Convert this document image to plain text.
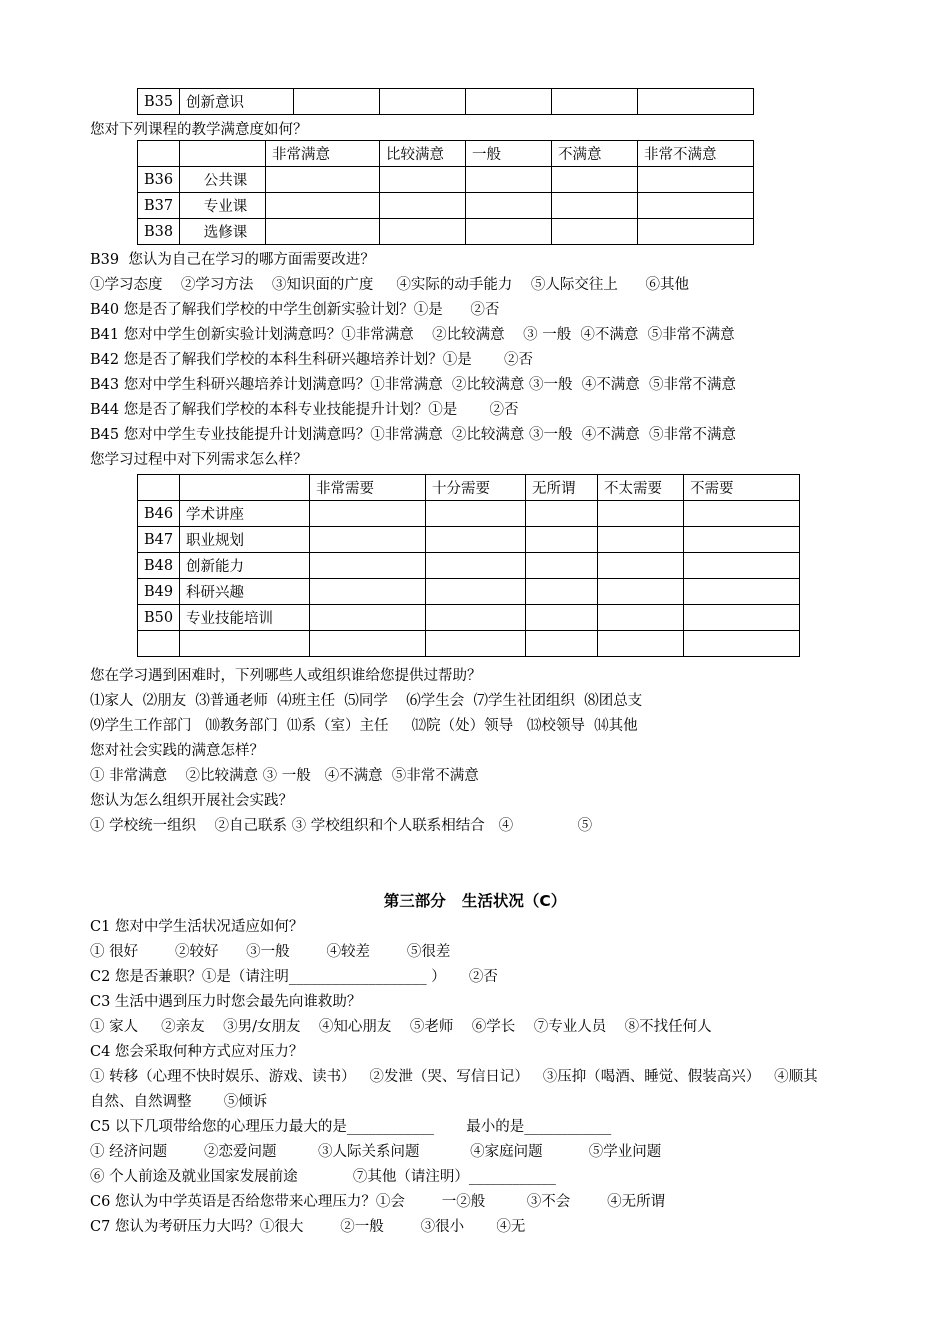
B35	创新意识					
您对下列课程的教学满意度如何？
		非常满意	比较满意	一般	不满意	非常不满意
B36	公共课					
B37	专业课					
B38	选修课					
B39  您认为自己在学习的哪方面需要改进？
①学习态度    ②学习方法    ③知识面的广度     ④实际的动手能力    ⑤人际交往上      ⑥其他
B40 您是否了解我们学校的中学生创新实验计划？①是      ②否
B41 您对中学生创新实验计划满意吗？①非常满意    ②比较满意    ③ 一般  ④不满意  ⑤非常不满意
B42 您是否了解我们学校的本科生科研兴趣培养计划？①是       ②否
B43 您对中学生科研兴趣培养计划满意吗？①非常满意  ②比较满意 ③一般  ④不满意  ⑤非常不满意
B44 您是否了解我们学校的本科专业技能提升计划？①是       ②否
B45 您对中学生专业技能提升计划满意吗？①非常满意  ②比较满意 ③一般  ④不满意  ⑤非常不满意
您学习过程中对下列需求怎么样？
		非常需要	十分需要	无所谓	不太需要	不需要
B46	学术讲座					
B47	职业规划					
B48	创新能力					
B49	科研兴趣					
B50	专业技能培训					

您在学习遇到困难时，下列哪些人或组织谁给您提供过帮助？
⑴家人  ⑵朋友  ⑶普通老师  ⑷班主任  ⑸同学    ⑹学生会  ⑺学生社团组织  ⑻团总支
⑼学生工作部门   ⑽教务部门  ⑾系（室）主任     ⑿院（处）领导   ⒀校领导  ⒁其他
您对社会实践的满意怎样？
① 非常满意    ②比较满意 ③ 一般   ④不满意  ⑤非常不满意
您认为怎么组织开展社会实践？
① 学校统一组织    ②自己联系 ③ 学校组织和个人联系相结合   ④              ⑤
第三部分   生活状况（C）
C1 您对中学生活状况适应如何？
① 很好        ②较好      ③一般        ④较差        ⑤很差
C2 您是否兼职？①是（请注明___________________ ）     ②否
C3 生活中遇到压力时您会最先向谁救助？
① 家人     ②亲友    ③男/女朋友    ④知心朋友    ⑤老师    ⑥学长    ⑦专业人员    ⑧不找任何人
C4 您会采取何种方式应对压力？
① 转移（心理不快时娱乐、游戏、读书）   ②发泄（哭、写信日记）   ③压抑（喝酒、睡觉、假装高兴）   ④顺其
自然、自然调整       ⑤倾诉
C5 以下几项带给您的心理压力最大的是____________       最小的是____________
① 经济问题        ②恋爱问题         ③人际关系问题           ④家庭问题          ⑤学业问题
⑥ 个人前途及就业国家发展前途            ⑦其他（请注明）____________
C6 您认为中学英语是否给您带来心理压力？①会        一②般         ③不会        ④无所谓
C7 您认为考研压力大吗？①很大        ②一般        ③很小       ④无
